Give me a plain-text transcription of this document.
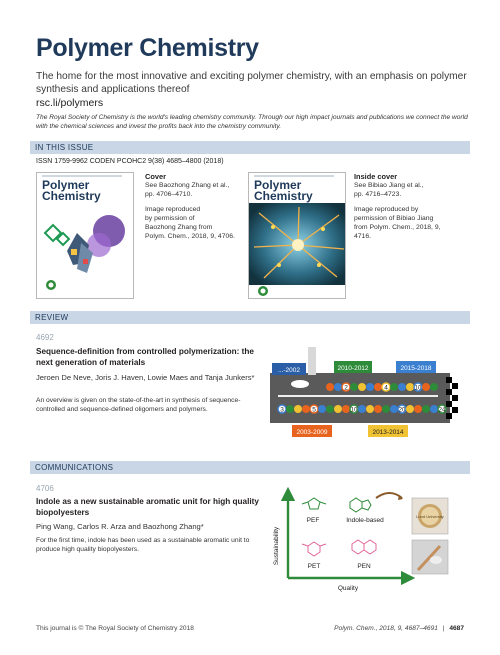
Polymer Chemistry
The home for the most innovative and exciting polymer chemistry, with an emphasis on polymer synthesis and applications thereof
rsc.li/polymers
The Royal Society of Chemistry is the world's leading chemistry community. Through our high impact journals and publications we connect the world with the chemical sciences and invest the profits back into the chemistry community.
IN THIS ISSUE
ISSN 1759-9962 CODEN PCOHC2 9(38) 4685–4800 (2018)
Polymer
Chemistry
Cover
See Baozhong Zhang et al.,
pp. 4706–4710.
Image reproduced
by permission of
Baozhong Zhang from
Polym. Chem., 2018, 9, 4706.
Polymer
Chemistry
Inside cover
See Bibiao Jiang et al.,
pp. 4716–4723.
Image reproduced by
permission of Bibiao Jiang
from Polym. Chem., 2018, 9,
4716.
REVIEW
4692
Sequence-definition from controlled polymerization: the next generation of materials
Jeroen De Neve, Joris J. Haven, Lowie Maes and Tanja Junkers*
An overview is given on the state-of-the-art in synthesis of sequence-controlled and sequence-defined oligomers and polymers.
...-2002	2010-2012	2015-2018
2003-2009	2013-2014
2	4	10
3	5	10	20	24
COMMUNICATIONS
4706
Indole as a new sustainable aromatic unit for high quality biopolyesters
Ping Wang, Carlos R. Arza and Baozhong Zhang*
For the first time, indole has been used as a sustainable aromatic unit to produce high quality biopolyesters.	Sustainability
Quality
PEF	Indole-based
PET	PEN
Lund University
This journal is © The Royal Society of Chemistry 2018	Polym. Chem., 2018, 9, 4687–4691 | 4687
